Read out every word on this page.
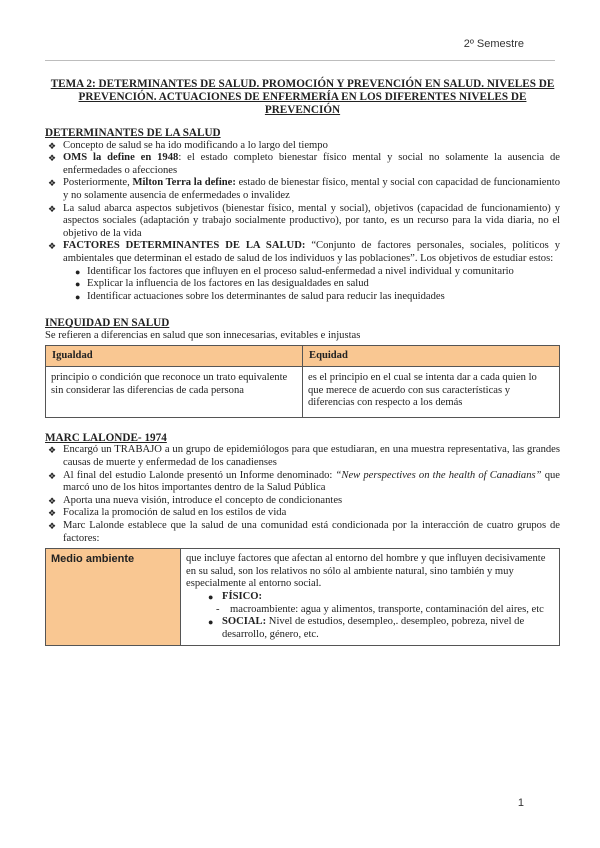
2º Semestre

TEMA 2: DETERMINANTES DE SALUD. PROMOCIÓN Y PREVENCIÓN EN SALUD. NIVELES DE PREVENCIÓN. ACTUACIONES DE ENFERMERÍA EN LOS DIFERENTES NIVELES DE PREVENCIÓN

DETERMINANTES DE LA SALUD

❖ Concepto de salud se ha ido modificando a lo largo del tiempo
❖ OMS la define en 1948: el estado completo bienestar físico mental y social no solamente la ausencia de enfermedades o afecciones
❖ Posteriormente, Milton Terra la define: estado de bienestar físico, mental y social con capacidad de funcionamiento y no solamente ausencia de enfermedades o invalidez
❖ La salud abarca aspectos subjetivos (bienestar físico, mental y social), objetivos (capacidad de funcionamiento) y aspectos sociales (adaptación y trabajo socialmente productivo), por tanto, es un recurso para la vida diaria, no el objetivo de la vida
❖ FACTORES DETERMINANTES DE LA SALUD: “Conjunto de factores personales, sociales, políticos y ambientales que determinan el estado de salud de los individuos y las poblaciones”. Los objetivos de estudiar estos:
● Identificar los factores que influyen en el proceso salud-enfermedad a nivel individual y comunitario
● Explicar la influencia de los factores en las desigualdades en salud
● Identificar actuaciones sobre los determinantes de salud para reducir las inequidades

INEQUIDAD EN SALUD

Se refieren a diferencias en salud que son innecesarias, evitables e injustas
Igualdad	Equidad
principio o condición que reconoce un trato equivalente sin considerar las diferencias de cada persona	es el principio en el cual se intenta dar a cada quien lo que merece de acuerdo con sus características y diferencias con respecto a los demás

MARC LALONDE- 1974

❖ Encargó un TRABAJO a un grupo de epidemiólogos para que estudiaran, en una muestra representativa, las grandes causas de muerte y enfermedad de los canadienses
❖ Al final del estudio Lalonde presentó un Informe denominado: “New perspectives on the health of Canadians” que marcó uno de los hitos importantes dentro de la Salud Pública
❖ Aporta una nueva visión, introduce el concepto de condicionantes
❖ Focaliza la promoción de salud en los estilos de vida
❖ Marc Lalonde establece que la salud de una comunidad está condicionada por la interacción de cuatro grupos de factores:
Medio ambiente	que incluye factores que afectan al entorno del hombre y que influyen decisivamente en su salud, son los relativos no sólo al ambiente natural, sino también y muy especialmente al entorno social.
● FÍSICO:
- macroambiente: agua y alimentos, transporte, contaminación del aires, etc
● SOCIAL: Nivel de estudios, desempleo,. desempleo, pobreza, nivel de desarrollo, género, etc.
1
